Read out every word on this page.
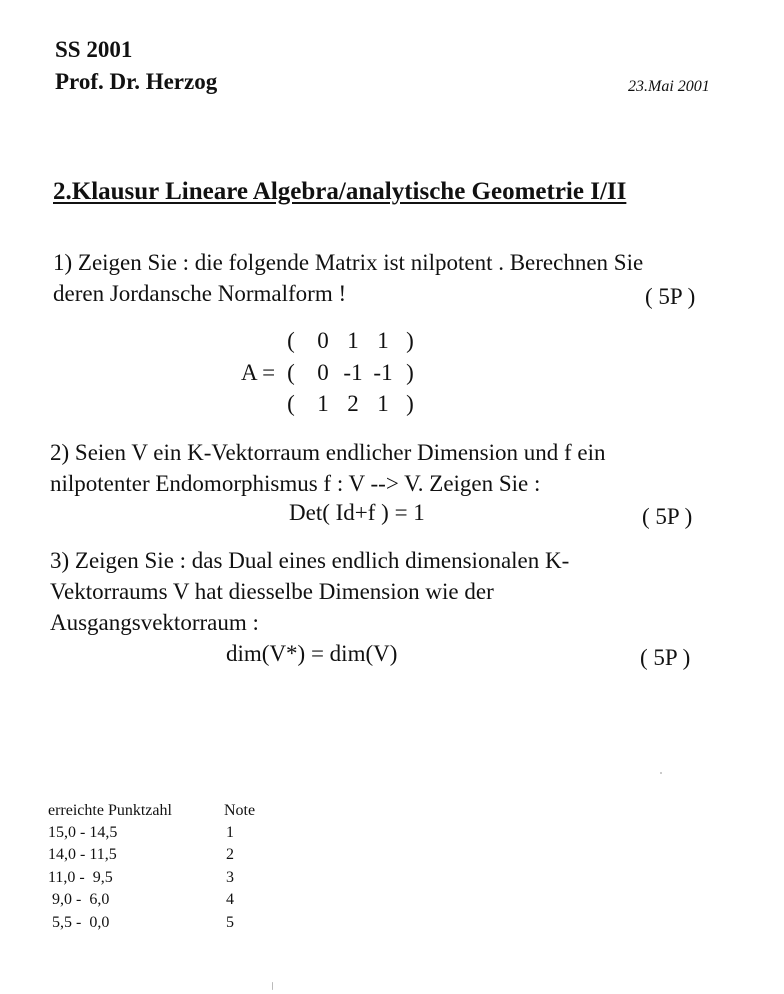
SS 2001
Prof. Dr. Herzog	23.Mai 2001
2.Klausur Lineare Algebra/analytische Geometrie I/II
1) Zeigen Sie : die folgende Matrix ist nilpotent . Berechnen Sie
deren Jordansche Normalform !	( 5P )
A =
( 0 1 1 )
( 0 -1 -1 )
( 1 2 1 )
2) Seien V ein K-Vektorraum endlicher Dimension und f ein
nilpotenter Endomorphismus f : V --> V. Zeigen Sie :
Det( Id+f ) = 1	( 5P )
3) Zeigen Sie : das Dual eines endlich dimensionalen K-
Vektorraums V hat diesselbe Dimension wie der
Ausgangsvektorraum :
dim(V*) = dim(V)	( 5P )
erreichte Punktzahl	Note
15,0 - 14,5	1
14,0 - 11,5	2
11,0 -  9,5	3
9,0 -  6,0	4
5,5 -  0,0	5
